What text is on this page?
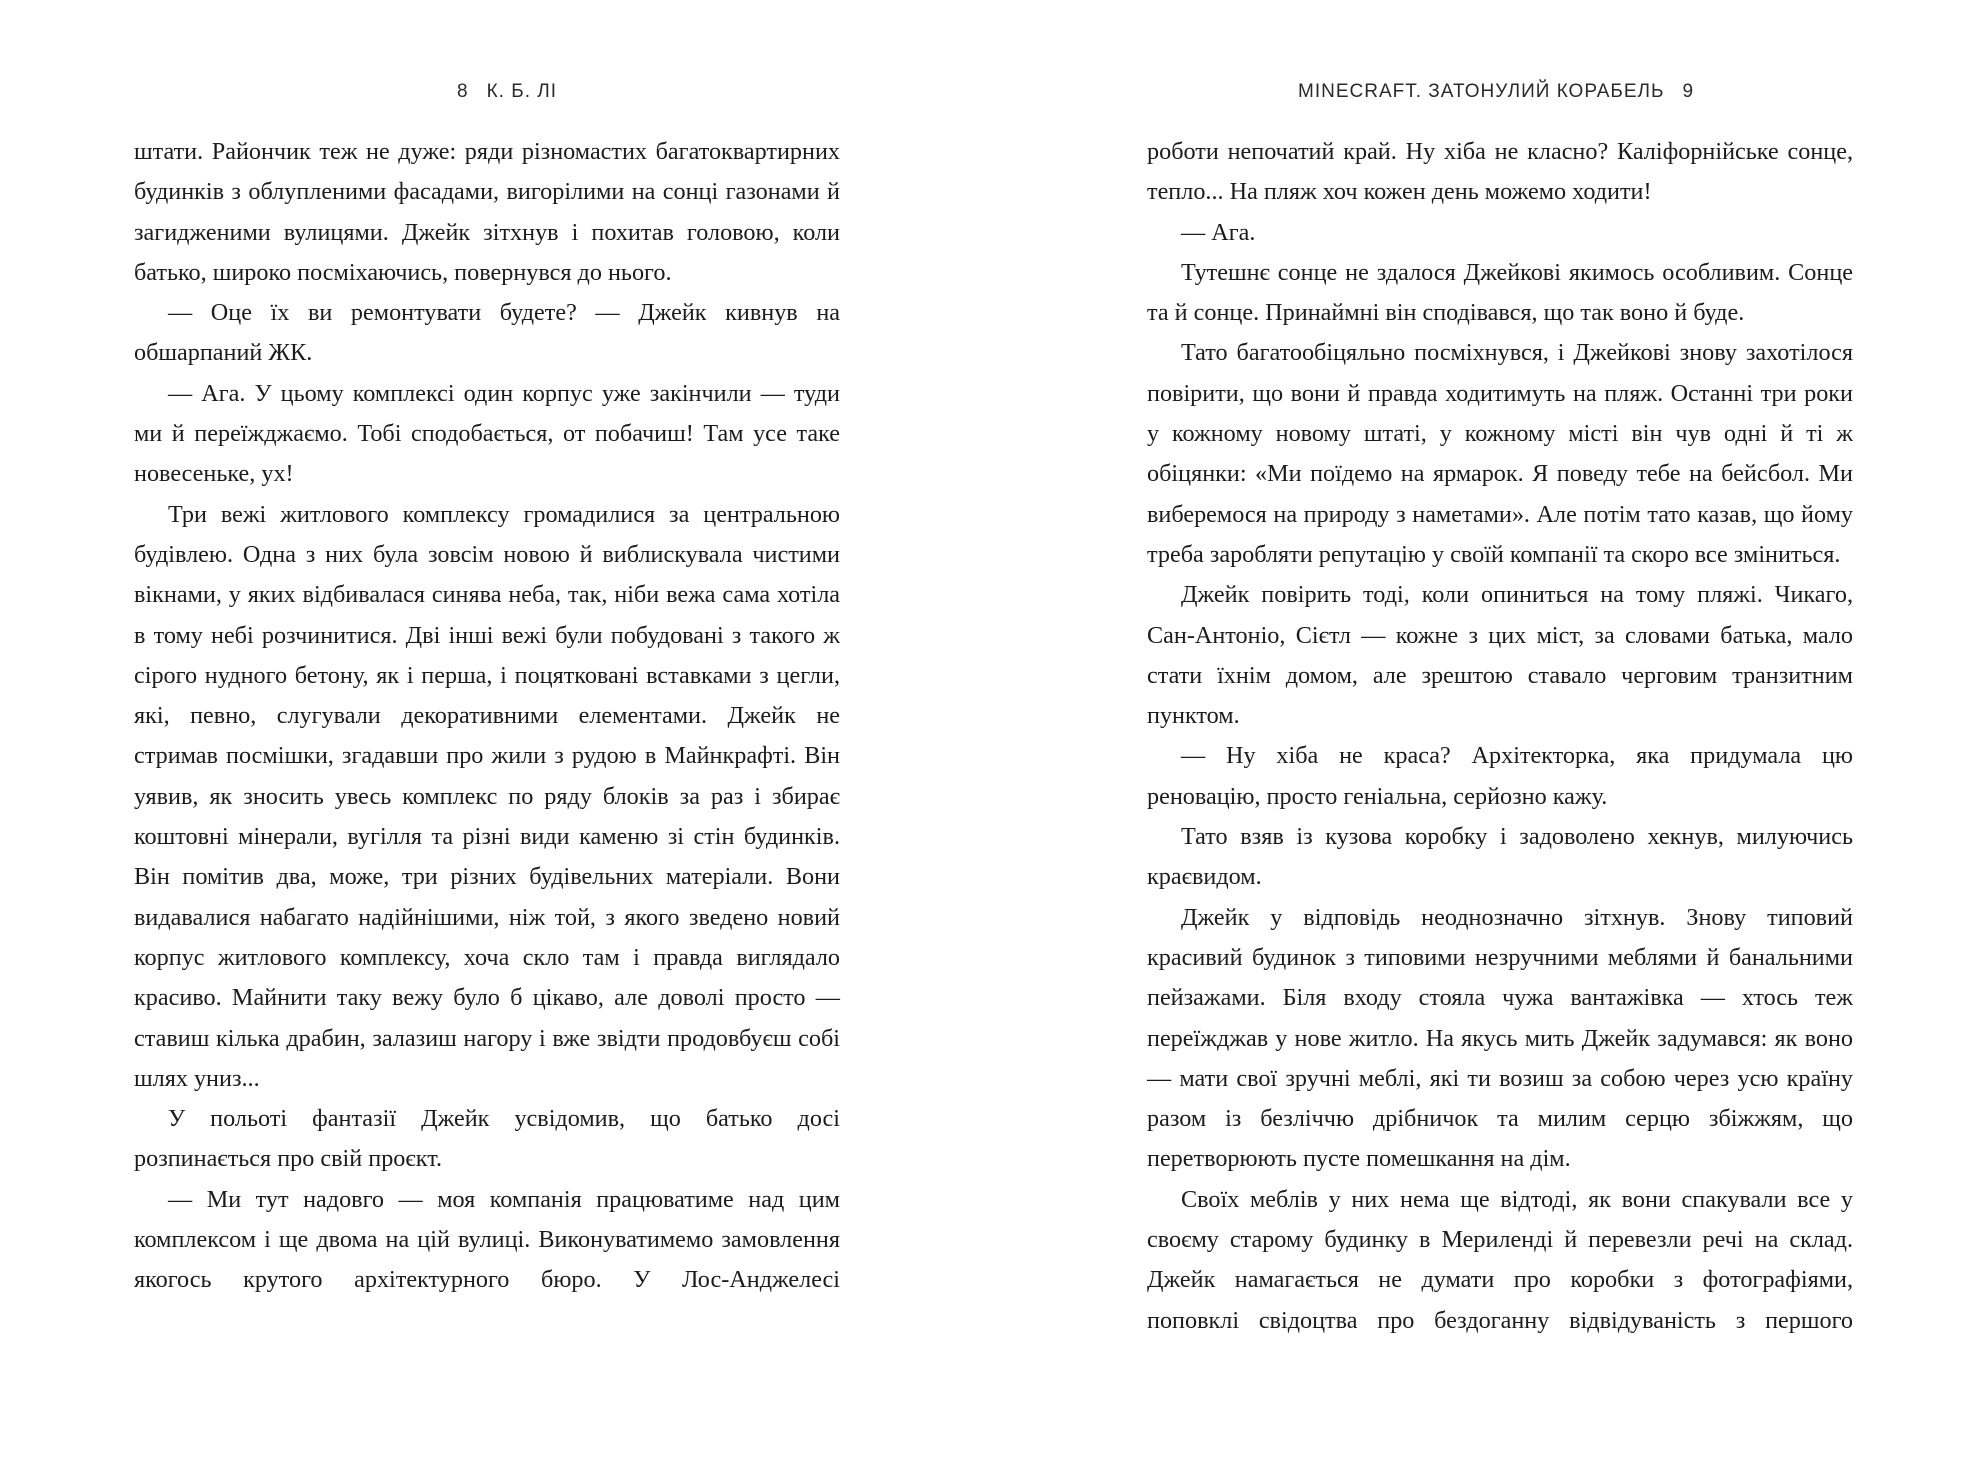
8 К. Б. ЛІ

штати. Райончик теж не дуже: ряди різномастих багатоквартирних будинків з облупленими фасадами, вигорілими на сонці газонами й загидженими вулицями. Джейк зітхнув і похитав головою, коли батько, широко посміхаючись, повернувся до нього.

— Оце їх ви ремонтувати будете? — Джейк кивнув на обшарпаний ЖК.

— Ага. У цьому комплексі один корпус уже закінчили — туди ми й переїжджаємо. Тобі сподобається, от побачиш! Там усе таке новесеньке, ух!

Три вежі житлового комплексу громадилися за центральною будівлею. Одна з них була зовсім новою й виблискувала чистими вікнами, у яких відбивалася синява неба, так, ніби вежа сама хотіла в тому небі розчинитися. Дві інші вежі були побудовані з такого ж сірого нудного бетону, як і перша, і поцятковані вставками з цегли, які, певно, слугували декоративними елементами. Джейк не стримав посмішки, згадавши про жили з рудою в Майнкрафті. Він уявив, як зносить увесь комплекс по ряду блоків за раз і збирає коштовні мінерали, вугілля та різні види каменю зі стін будинків. Він помітив два, може, три різних будівельних матеріали. Вони видавалися набагато надійнішими, ніж той, з якого зведено новий корпус житлового комплексу, хоча скло там і правда виглядало красиво. Майнити таку вежу було б цікаво, але доволі просто — ставиш кілька драбин, залазиш нагору і вже звідти продовбуєш собі шлях униз...

У польоті фантазії Джейк усвідомив, що батько досі розпинається про свій проєкт.

— Ми тут надовго — моя компанія працюватиме над цим комплексом і ще двома на цій вулиці. Виконуватимемо замовлення якогось крутого архітектурного бюро. У Лос-Анджелесі

MINECRAFT. ЗАТОНУЛИЙ КОРАБЕЛЬ 9

роботи непочатий край. Ну хіба не класно? Каліфорнійське сонце, тепло... На пляж хоч кожен день можемо ходити!

— Ага.

Тутешнє сонце не здалося Джейкові якимось особливим. Сонце та й сонце. Принаймні він сподівався, що так воно й буде.

Тато багатообіцяльно посміхнувся, і Джейкові знову захотілося повірити, що вони й правда ходитимуть на пляж. Останні три роки у кожному новому штаті, у кожному місті він чув одні й ті ж обіцянки: «Ми поїдемо на ярмарок. Я поведу тебе на бейсбол. Ми виберемося на природу з наметами». Але потім тато казав, що йому треба заробляти репутацію у своїй компанії та скоро все зміниться.

Джейк повірить тоді, коли опиниться на тому пляжі. Чикаго, Сан-Антоніо, Сієтл — кожне з цих міст, за словами батька, мало стати їхнім домом, але зрештою ставало черговим транзитним пунктом.

— Ну хіба не краса? Архітекторка, яка придумала цю реновацію, просто геніальна, серйозно кажу.

Тато взяв із кузова коробку і задоволено хекнув, милуючись краєвидом.

Джейк у відповідь неоднозначно зітхнув. Знову типовий красивий будинок з типовими незручними меблями й банальними пейзажами. Біля входу стояла чужа вантажівка — хтось теж переїжджав у нове житло. На якусь мить Джейк задумався: як воно — мати свої зручні меблі, які ти возиш за собою через усю країну разом із безліччю дрібничок та милим серцю збіжжям, що перетворюють пусте помешкання на дім.

Своїх меблів у них нема ще відтоді, як вони спакували все у своєму старому будинку в Мериленді й перевезли речі на склад. Джейк намагається не думати про коробки з фотографіями, поповклі свідоцтва про бездоганну відвідуваність з першого
